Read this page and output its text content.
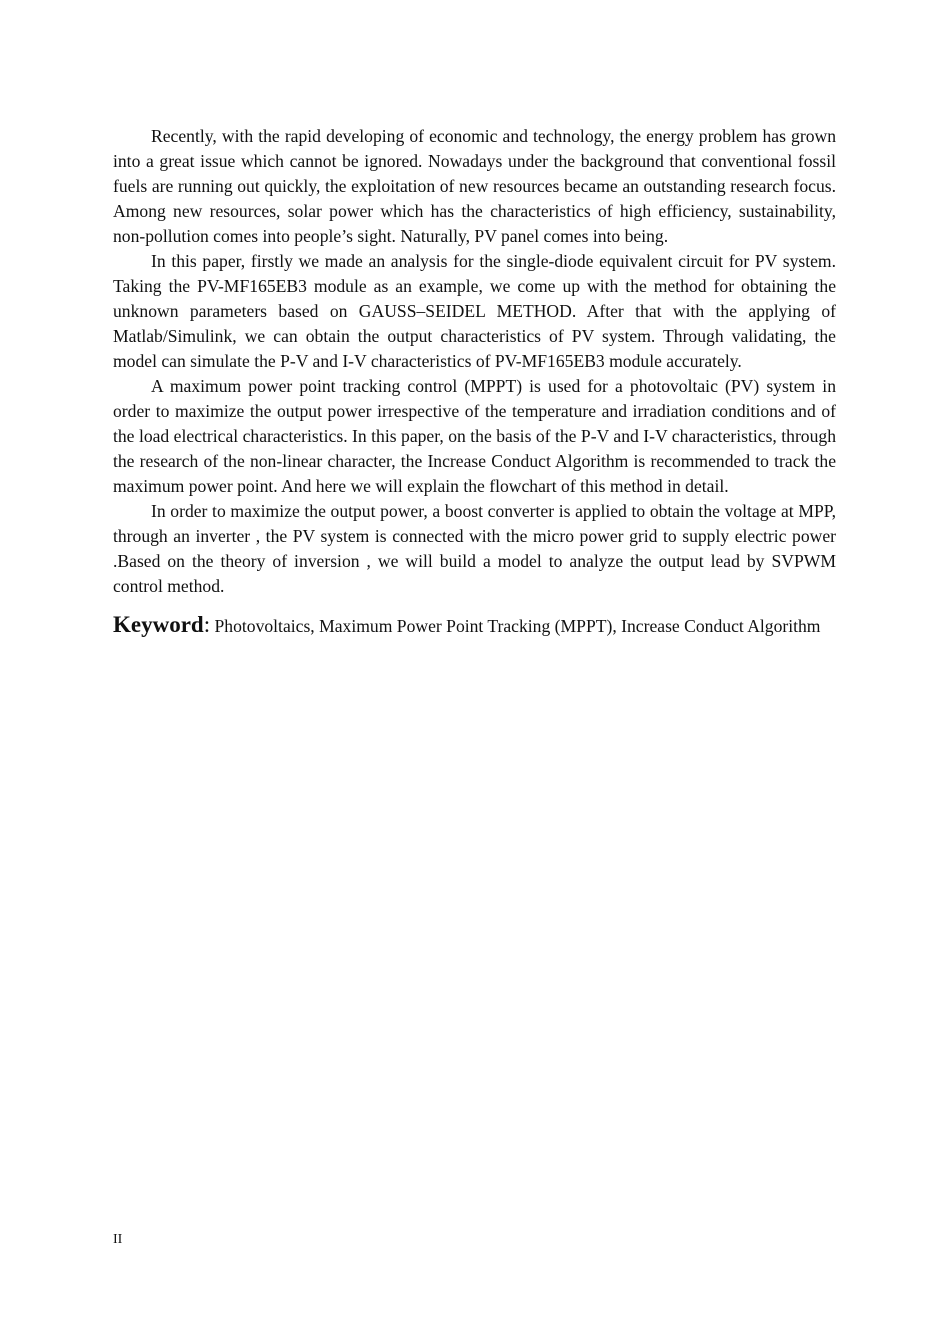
Recently, with the rapid developing of economic and technology, the energy problem has grown into a great issue which cannot be ignored. Nowadays under the background that conventional fossil fuels are running out quickly, the exploitation of new resources became an outstanding research focus. Among new resources, solar power which has the characteristics of high efficiency, sustainability, non-pollution comes into people’s sight. Naturally, PV panel comes into being.

In this paper, firstly we made an analysis for the single-diode equivalent circuit for PV system. Taking the PV-MF165EB3 module as an example, we come up with the method for obtaining the unknown parameters based on GAUSS–SEIDEL METHOD. After that with the applying of Matlab/Simulink, we can obtain the output characteristics of PV system. Through validating, the model can simulate the P-V and I-V characteristics of PV-MF165EB3 module accurately.

A maximum power point tracking control (MPPT) is used for a photovoltaic (PV) system in order to maximize the output power irrespective of the temperature and irradiation conditions and of the load electrical characteristics. In this paper, on the basis of the P-V and I-V characteristics, through the research of the non-linear character, the Increase Conduct Algorithm is recommended to track the maximum power point. And here we will explain the flowchart of this method in detail.

In order to maximize the output power, a boost converter is applied to obtain the voltage at MPP, through an inverter , the PV system is connected with the micro power grid to supply electric power .Based on the theory of inversion , we will build a model to analyze the output lead by SVPWM control method.

Keyword: Photovoltaics, Maximum Power Point Tracking (MPPT), Increase Conduct Algorithm

II
